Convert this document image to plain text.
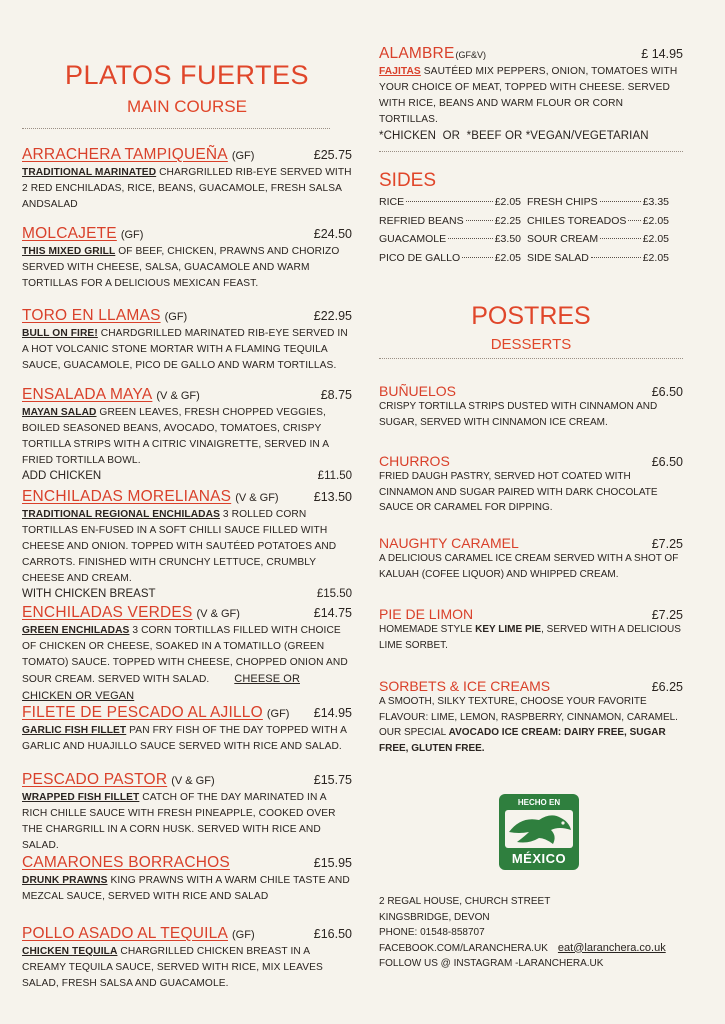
PLATOS FUERTES
MAIN COURSE
ARRACHERA TAMPIQUEÑA (GF)	£25.75
TRADITIONAL MARINATED CHARGRILLED RIB-EYE SERVED WITH 2 RED ENCHILADAS, RICE, BEANS, GUACAMOLE, FRESH SALSA ANDSALAD
MOLCAJETE (GF)	£24.50
THIS MIXED GRILL OF BEEF, CHICKEN, PRAWNS AND CHORIZO SERVED WITH CHEESE, SALSA, GUACAMOLE AND WARM TORTILLAS FOR A DELICIOUS MEXICAN FEAST.
TORO EN LLAMAS (GF)	£22.95
BULL ON FIRE! CHARDGRILLED MARINATED RIB-EYE SERVED IN A HOT VOLCANIC STONE MORTAR WITH A FLAMING TEQUILA SAUCE, GUACAMOLE, PICO DE GALLO AND WARM TORTILLAS.
ENSALADA MAYA (V & GF)	£8.75
MAYAN SALAD GREEN LEAVES, FRESH CHOPPED VEGGIES, BOILED SEASONED BEANS, AVOCADO, TOMATOES, CRISPY TORTILLA STRIPS WITH A CITRIC VINAIGRETTE, SERVED IN A FRIED TORTILLA BOWL.
ADD CHICKEN	£11.50
ENCHILADAS MORELIANAS (V & GF)	£13.50
TRADITIONAL REGIONAL ENCHILADAS 3 ROLLED CORN TORTILLAS EN-FUSED IN A SOFT CHILLI SAUCE FILLED WITH CHEESE AND ONION. TOPPED WITH SAUTÉED POTATOES AND CARROTS. FINISHED WITH CRUNCHY LETTUCE, CRUMBLY CHEESE AND CREAM.
WITH CHICKEN BREAST	£15.50
ENCHILADAS VERDES (V & GF)	£14.75
GREEN ENCHILADAS 3 CORN TORTILLAS FILLED WITH CHOICE OF CHICKEN OR CHEESE, SOAKED IN A TOMATILLO (GREEN TOMATO) SAUCE. TOPPED WITH CHEESE, CHOPPED ONION AND SOUR CREAM. SERVED WITH SALAD. CHEESE OR CHICKEN OR VEGAN
FILETE DE PESCADO AL AJILLO (GF) £14.95
GARLIC FISH FILLET PAN FRY FISH OF THE DAY TOPPED WITH A GARLIC AND HUAJILLO SAUCE SERVED WITH RICE AND SALAD.
PESCADO PASTOR (V & GF)	£15.75
WRAPPED FISH FILLET CATCH OF THE DAY MARINATED IN A RICH CHILLE SAUCE WITH FRESH PINEAPPLE, COOKED OVER THE CHARGRILL IN A CORN HUSK. SERVED WITH RICE AND SALAD.
CAMARONES BORRACHOS	£15.95
DRUNK PRAWNS KING PRAWNS WITH A WARM CHILE TASTE AND MEZCAL SAUCE, SERVED WITH RICE AND SALAD
POLLO ASADO AL TEQUILA (GF)	£16.50
CHICKEN TEQUILA CHARGRILLED CHICKEN BREAST IN A CREAMY TEQUILA SAUCE, SERVED WITH RICE, MIX LEAVES SALAD, FRESH SALSA AND GUACAMOLE.
ALAMBRE (GF&V)	£ 14.95
FAJITAS SAUTÉED MIX PEPPERS, ONION, TOMATOES WITH YOUR CHOICE OF MEAT, TOPPED WITH CHEESE. SERVED WITH RICE, BEANS AND WARM FLOUR OR CORN TORTILLAS.
*CHICKEN  OR  *BEEF OR *VEGAN/VEGETARIAN
SIDES
RICE	£2.05 FRESH CHIPS	£3.35
REFRIED BEANS	£2.25 CHILES TOREADOS £2.05
GUACAMOLE	£3.50 SOUR CREAM	£2.05
PICO DE GALLO	£2.05 SIDE SALAD	£2.05
POSTRES
DESSERTS
BUÑUELOS	£6.50
CRISPY TORTILLA STRIPS DUSTED WITH CINNAMON AND SUGAR, SERVED WITH CINNAMON ICE CREAM.
CHURROS	£6.50
FRIED DAUGH PASTRY, SERVED HOT COATED WITH CINNAMON AND SUGAR PAIRED WITH DARK CHOCOLATE SAUCE OR CARAMEL FOR DIPPING.
NAUGHTY CARAMEL	£7.25
A DELICIOUS CARAMEL ICE CREAM SERVED WITH A SHOT OF KALUAH (COFEE LIQUOR) AND WHIPPED CREAM.
PIE DE LIMON	£7.25
HOMEMADE STYLE KEY LIME PIE, SERVED WITH A DELICIOUS LIME SORBET.
SORBETS & ICE CREAMS	£6.25
A SMOOTH, SILKY TEXTURE, CHOOSE YOUR FAVORITE FLAVOUR: LIME, LEMON, RASPBERRY, CINNAMON, CARAMEL.
OUR SPECIAL AVOCADO ICE CREAM: DAIRY FREE, SUGAR FREE, GLUTEN FREE.
HECHO EN
MÉXICO
2 REGAL HOUSE, CHURCH STREET
KINGSBRIDGE, DEVON
PHONE: 01548-858707
FACEBOOK.COM/LARANCHERA.UK eat@laranchera.co.uk
FOLLOW US @ INSTAGRAM -LARANCHERA.UK
